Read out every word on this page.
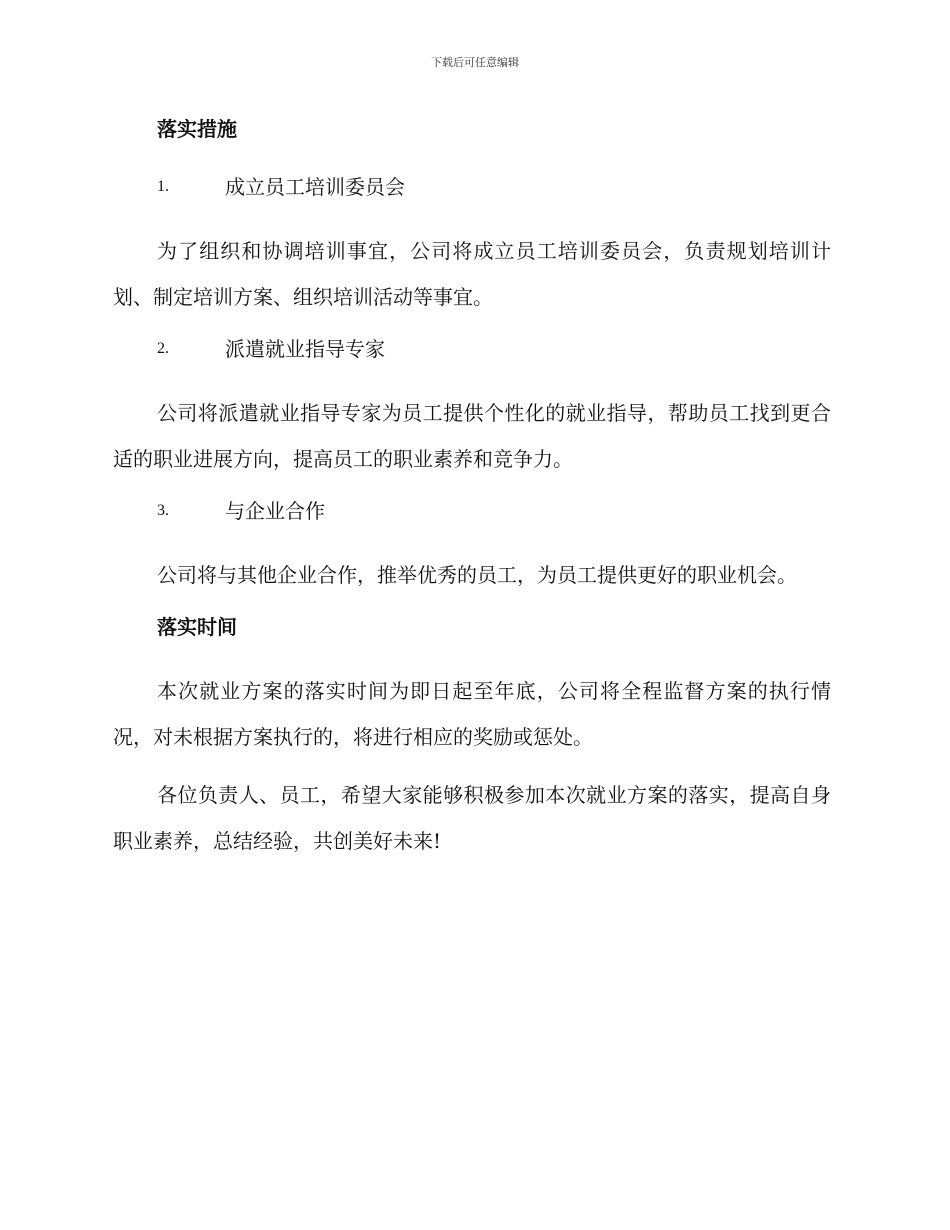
下载后可任意编辑
落实措施
1.	成立员工培训委员会

为了组织和协调培训事宜，公司将成立员工培训委员会，负责规划培训计划、制定培训方案、组织培训活动等事宜。

2.	派遣就业指导专家

公司将派遣就业指导专家为员工提供个性化的就业指导，帮助员工找到更合适的职业进展方向，提高员工的职业素养和竞争力。

3.	与企业合作

公司将与其他企业合作，推举优秀的员工，为员工提供更好的职业机会。

落实时间

本次就业方案的落实时间为即日起至年底，公司将全程监督方案的执行情况，对未根据方案执行的，将进行相应的奖励或惩处。

各位负责人、员工，希望大家能够积极参加本次就业方案的落实，提高自身职业素养，总结经验，共创美好未来!
